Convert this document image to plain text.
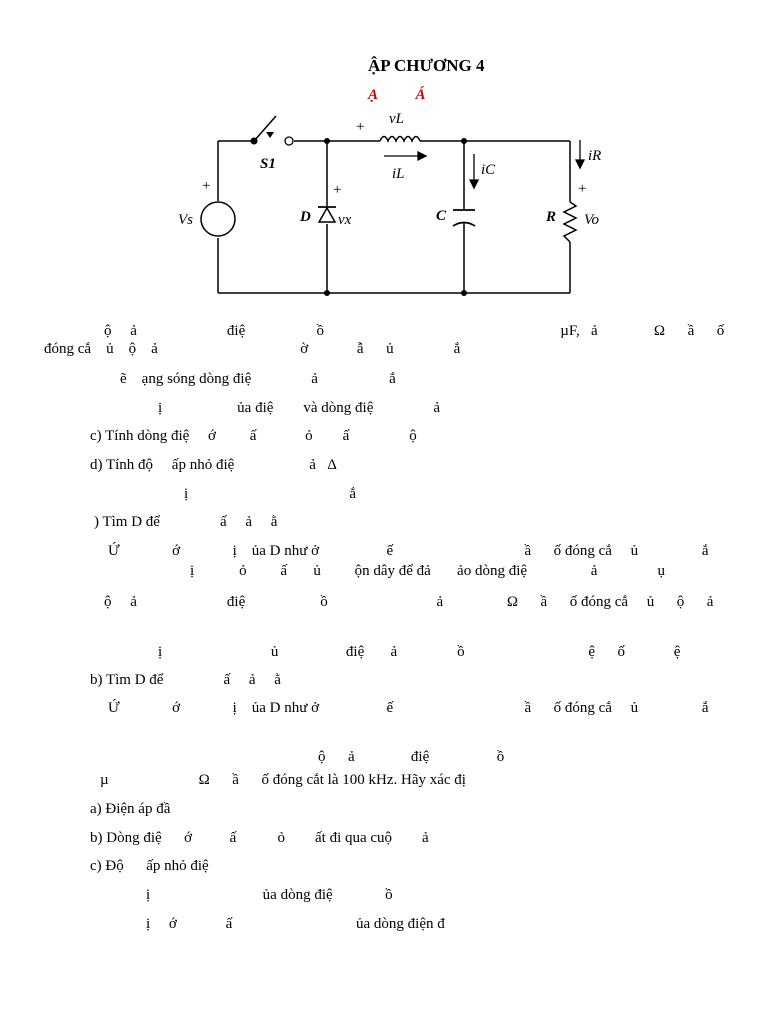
ẬP CHƯƠNG 4
Ạ          Á
+
Vs
S1
+
D vx
+ vL
iL	iC
C
iR
+
R Vo
ộ     ả                        điệ                   ồ                                                               µF,   ả               Ω      ầ      ố
đóng cắ    ủ    ộ    ả                                      ờ             ẫ      ủ                ắ
ẽ    ạng sóng dòng điệ                ả                   ắ
ị                    ủa điệ        và dòng điệ                ả
c) Tính dòng điệ     ớ         ấ             ỏ        ấ                ộ
d) Tính độ     ấp nhỏ điệ                    ả   Δ
ị                                           ắ
) Tìm D để                ấ     ả     ằ
Ứ              ớ              ị    ủa D như ở                  ế                                   ầ      ố đóng cắ     ủ                 ắ
ị            ỏ         ấ       ủ         ộn dây để đả       ảo dòng điệ                 ả                ụ
ộ     ả                        điệ                    ồ                             ả                 Ω      ầ      ố đóng cắ     ủ      ộ      ả
ị                             ủ                  điệ       ả                ồ                                 ệ      ố             ệ
b) Tìm D để                ấ     ả     ằ
Ứ              ớ              ị    ủa D như ở                  ế                                   ầ      ố đóng cắ     ủ                 ắ
ộ      ả               điệ                  ồ
µ                        Ω      ầ      ố đóng cắt là 100 kHz. Hãy xác đị
a) Điện áp đầ
b) Dòng điệ      ớ          ấ           ỏ        ất đi qua cuộ        ả
c) Độ      ấp nhỏ điệ
ị                              ủa dòng điệ              ồ
ị     ớ             ấ                                 ủa dòng điện đ
